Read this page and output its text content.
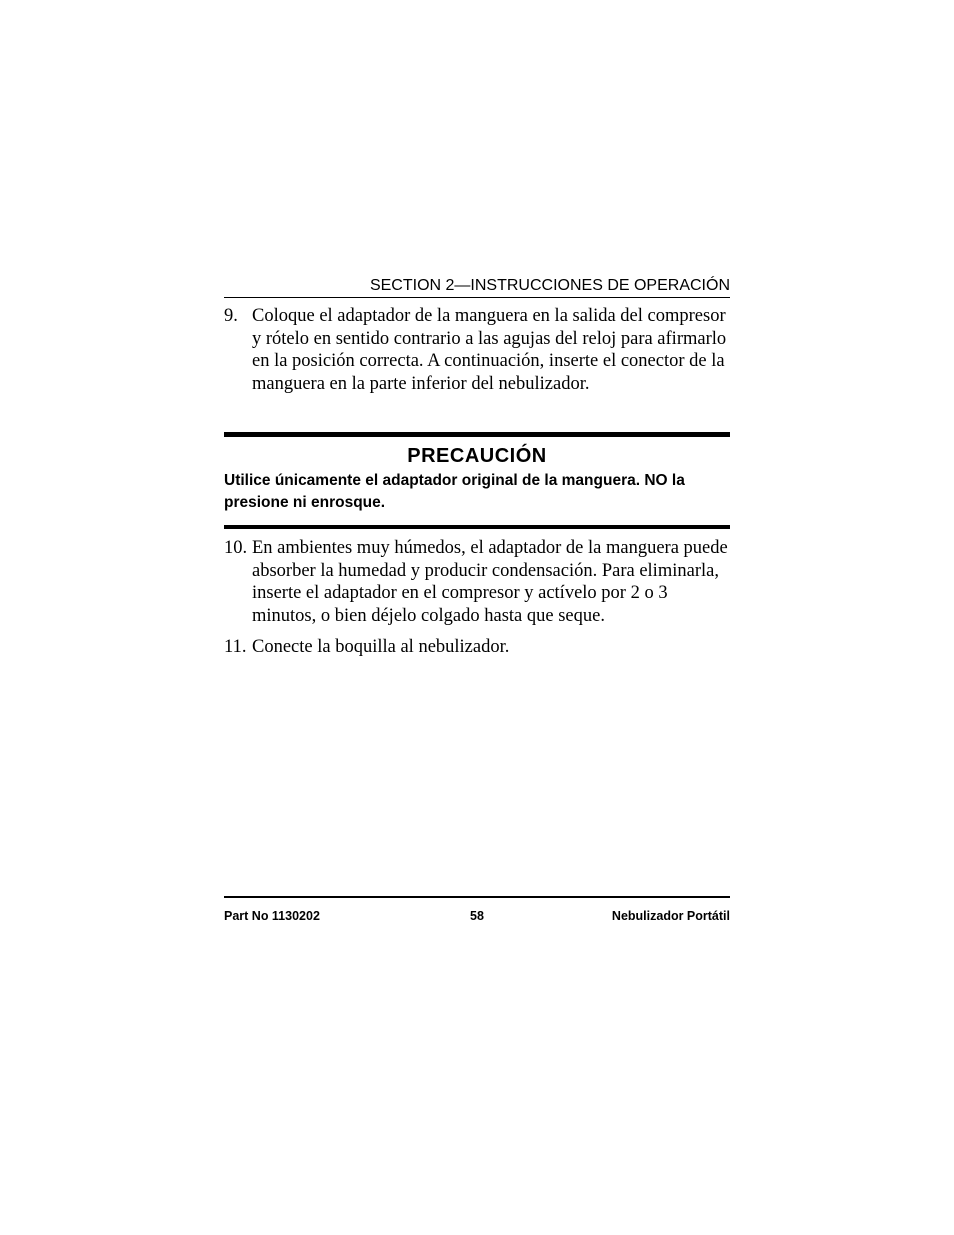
SECTION 2—INSTRUCCIONES DE OPERACIÓN
9. Coloque el adaptador de la manguera en la salida del compresor y rótelo en sentido contrario a las agujas del reloj para afirmarlo en la posición correcta. A continuación, inserte el conector de la manguera en la parte inferior del nebulizador.
PRECAUCIÓN
Utilice únicamente el adaptador original de la manguera. NO la presione ni enrosque.
10. En ambientes muy húmedos, el adaptador de la manguera puede absorber la humedad y producir condensación. Para eliminarla, inserte el adaptador en el compresor y actívelo por 2 o 3 minutos, o bien déjelo colgado hasta que seque.
11. Conecte la boquilla al nebulizador.
Part No 1130202	58	Nebulizador Portátil
